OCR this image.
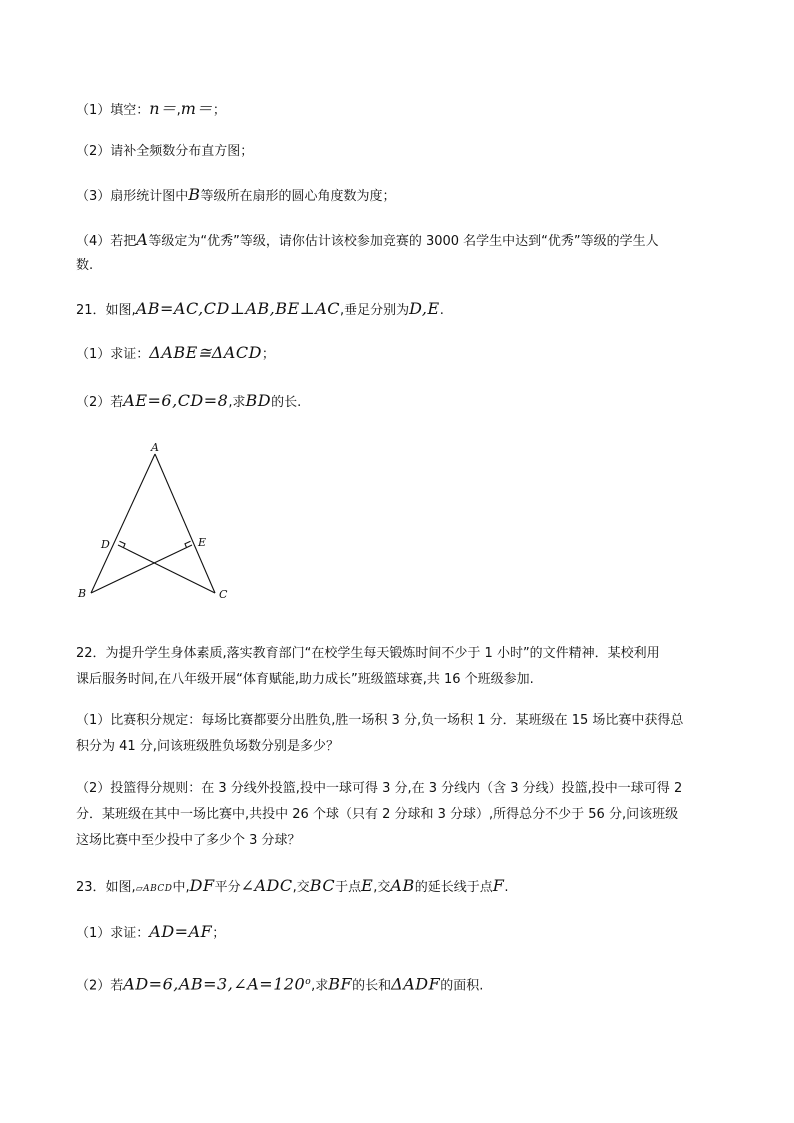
（1）填空：n＝,m＝；
（2）请补全频数分布直方图；
（3）扇形统计图中B等级所在扇形的圆心角度数为度；
（4）若把A等级定为“优秀”等级，请你估计该校参加竞赛的 3000 名学生中达到“优秀”等级的学生人
数.
21．如图,AB=AC,CD⊥AB,BE⊥AC,垂足分别为D,E.
（1）求证：ΔABE≅ΔACD；
（2）若AE=6,CD=8,求BD的长.
A
D	E
B	C
22．为提升学生身体素质,落实教育部门“在校学生每天锻炼时间不少于 1 小时”的文件精神．某校利用
课后服务时间,在八年级开展“体育赋能,助力成长”班级篮球赛,共 16 个班级参加.
（1）比赛积分规定：每场比赛都要分出胜负,胜一场积 3 分,负一场积 1 分．某班级在 15 场比赛中获得总
积分为 41 分,问该班级胜负场数分别是多少？
（2）投篮得分规则：在 3 分线外投篮,投中一球可得 3 分,在 3 分线内（含 3 分线）投篮,投中一球可得 2
分．某班级在其中一场比赛中,共投中 26 个球（只有 2 分球和 3 分球）,所得总分不少于 56 分,问该班级
这场比赛中至少投中了多少个 3 分球？
23．如图,▱ABCD中,DF平分∠ADC,交BC于点E,交AB的延长线于点F.
（1）求证：AD=AF；
（2）若$AD=6,AB=3,\angle A=120^o$,求BF的长和ΔADF的面积.
